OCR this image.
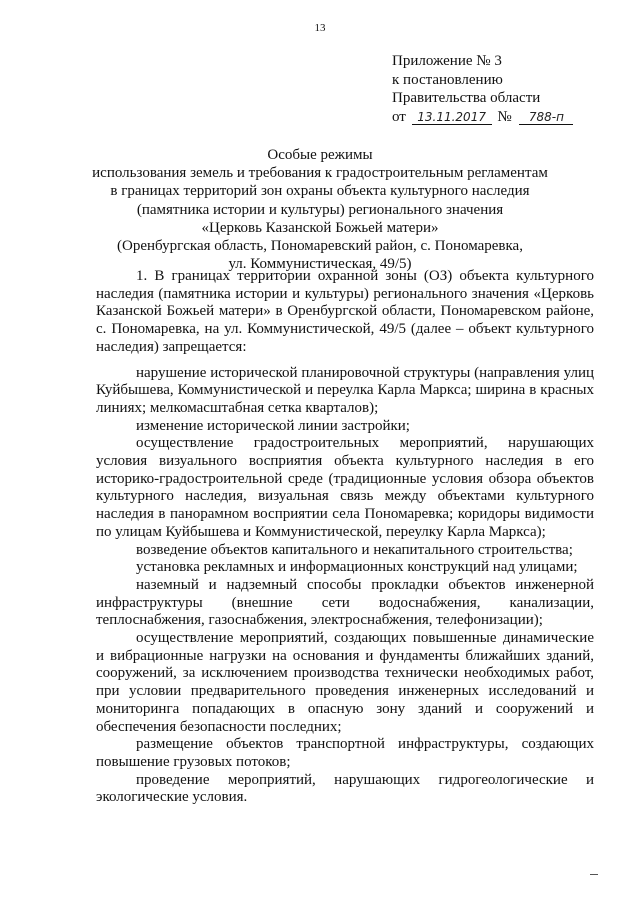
13
Приложение № 3
к постановлению
Правительства области
от 13.11.2017 № 788-п
Особые режимы
использования земель и требования к градостроительным регламентам
в границах территорий зон охраны объекта культурного наследия
(памятника истории и культуры) регионального значения
«Церковь Казанской Божьей матери»
(Оренбургская область, Пономаревский район, с. Пономаревка,
ул. Коммунистическая, 49/5)

1. В границах территории охранной зоны (ОЗ) объекта культурного наследия (памятника истории и культуры) регионального значения «Церковь Казанской Божьей матери» в Оренбургской области, Пономаревском районе, с. Пономаревка, на ул. Коммунистической, 49/5 (далее – объект культурного наследия) запрещается:

нарушение исторической планировочной структуры (направления улиц Куйбышева, Коммунистической и переулка Карла Маркса; ширина в красных линиях; мелкомасштабная сетка кварталов);

изменение исторической линии застройки;

осуществление градостроительных мероприятий, нарушающих условия визуального восприятия объекта культурного наследия в его историко-градостроительной среде (традиционные условия обзора объектов культурного наследия, визуальная связь между объектами культурного наследия в панорамном восприятии села Пономаревка; коридоры видимости по улицам Куйбышева и Коммунистической, переулку Карла Маркса);

возведение объектов капитального и некапитального строительства;

установка рекламных и информационных конструкций над улицами;

наземный и надземный способы прокладки объектов инженерной инфраструктуры (внешние сети водоснабжения, канализации, теплоснабжения, газоснабжения, электроснабжения, телефонизации);

осуществление мероприятий, создающих повышенные динамические и вибрационные нагрузки на основания и фундаменты ближайших зданий, сооружений, за исключением производства технически необходимых работ, при условии предварительного проведения инженерных исследований и мониторинга попадающих в опасную зону зданий и сооружений и обеспечения безопасности последних;

размещение объектов транспортной инфраструктуры, создающих повышение грузовых потоков;

проведение мероприятий, нарушающих гидрогеологические и экологические условия.
